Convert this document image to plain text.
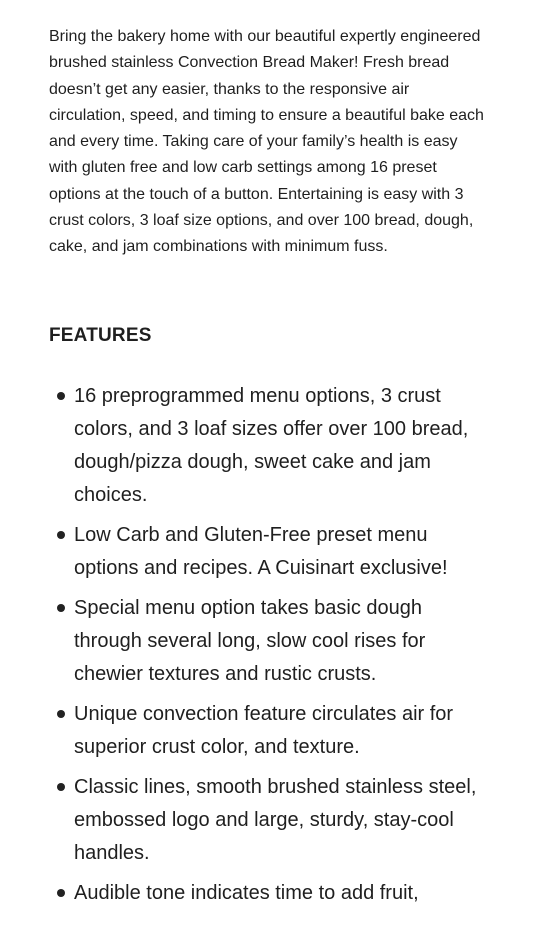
Bring the bakery home with our beautiful expertly engineered brushed stainless Convection Bread Maker! Fresh bread doesn’t get any easier, thanks to the responsive air circulation, speed, and timing to ensure a beautiful bake each and every time. Taking care of your family’s health is easy with gluten free and low carb settings among 16 preset options at the touch of a button. Entertaining is easy with 3 crust colors, 3 loaf size options, and over 100 bread, dough, cake, and jam combinations with minimum fuss.

FEATURES
16 preprogrammed menu options, 3 crust colors, and 3 loaf sizes offer over 100 bread, dough/pizza dough, sweet cake and jam choices.
Low Carb and Gluten-Free preset menu options and recipes. A Cuisinart exclusive!
Special menu option takes basic dough through several long, slow cool rises for chewier textures and rustic crusts.
Unique convection feature circulates air for superior crust color, and texture.
Classic lines, smooth brushed stainless steel, embossed logo and large, sturdy, stay-cool handles.
Audible tone indicates time to add fruit,
